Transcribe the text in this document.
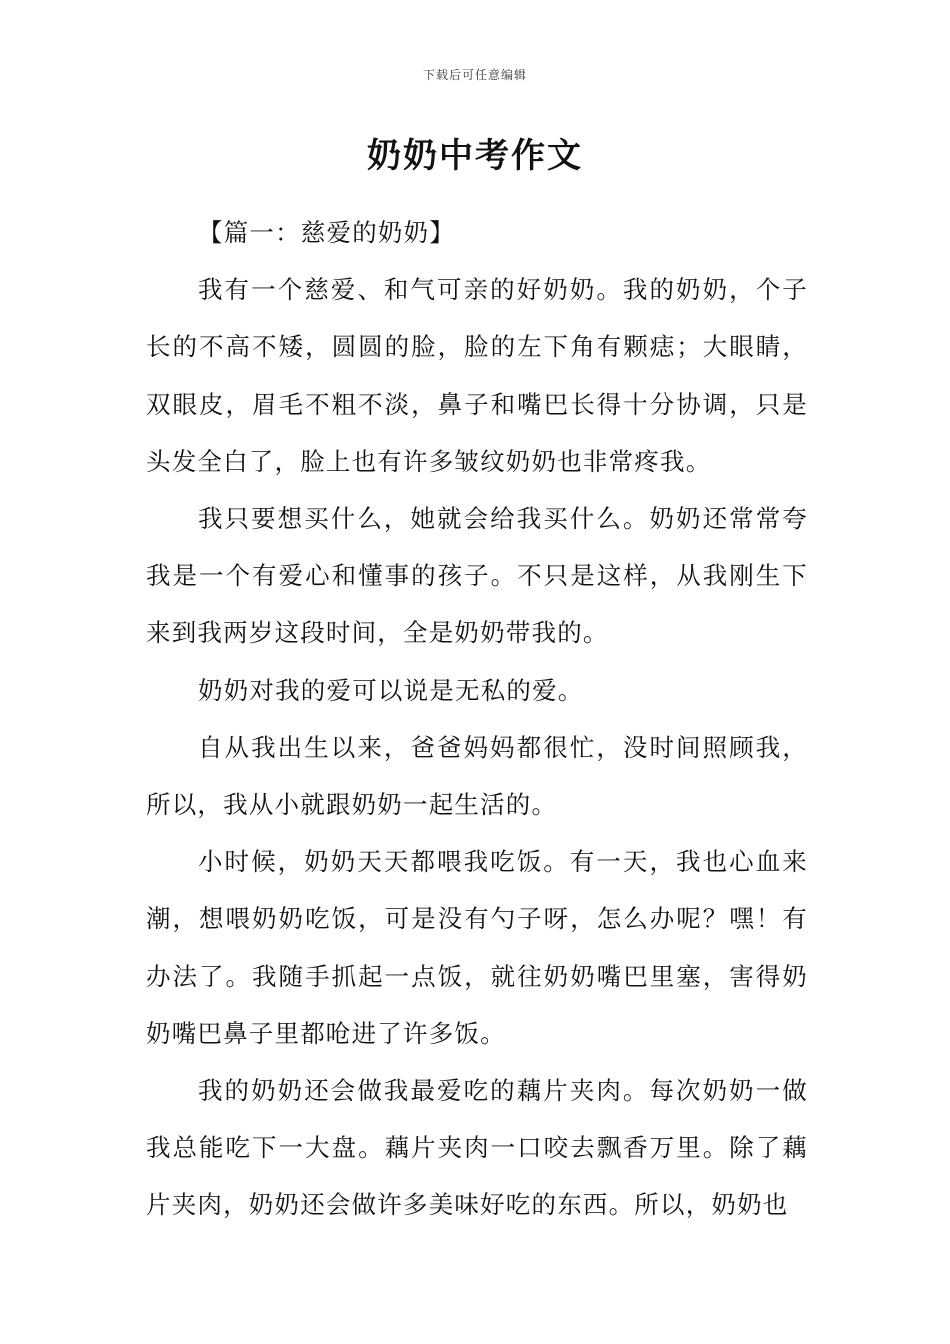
下载后可任意编辑
奶奶中考作文

【篇一：慈爱的奶奶】

我有一个慈爱、和气可亲的好奶奶。我的奶奶，个子长的不高不矮，圆圆的脸，脸的左下角有颗痣；大眼睛，双眼皮，眉毛不粗不淡，鼻子和嘴巴长得十分协调，只是头发全白了，脸上也有许多皱纹奶奶也非常疼我。

我只要想买什么，她就会给我买什么。奶奶还常常夸我是一个有爱心和懂事的孩子。不只是这样，从我刚生下来到我两岁这段时间，全是奶奶带我的。

奶奶对我的爱可以说是无私的爱。

自从我出生以来，爸爸妈妈都很忙，没时间照顾我，所以，我从小就跟奶奶一起生活的。

小时候，奶奶天天都喂我吃饭。有一天，我也心血来潮，想喂奶奶吃饭，可是没有勺子呀，怎么办呢？嘿！有办法了。我随手抓起一点饭，就往奶奶嘴巴里塞，害得奶奶嘴巴鼻子里都呛进了许多饭。

我的奶奶还会做我最爱吃的藕片夹肉。每次奶奶一做我总能吃下一大盘。藕片夹肉一口咬去飘香万里。除了藕片夹肉，奶奶还会做许多美味好吃的东西。所以，奶奶也
